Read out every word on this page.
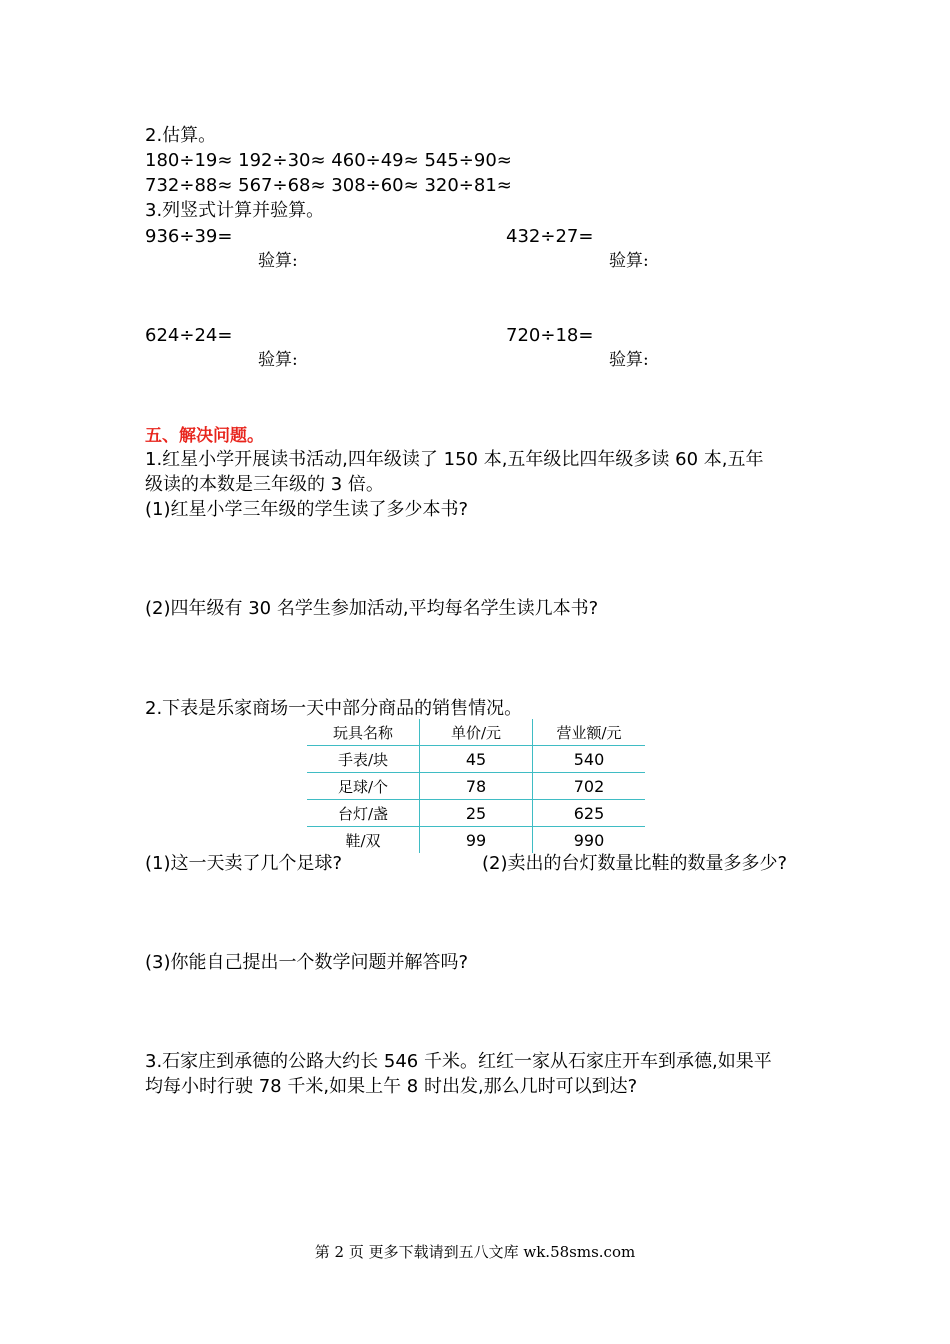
2.估算。
180÷19≈ 192÷30≈ 460÷49≈ 545÷90≈
732÷88≈ 567÷68≈ 308÷60≈ 320÷81≈
3.列竖式计算并验算。
936÷39=	432÷27=
验算:	验算:
624÷24=	720÷18=
验算:	验算:
五、解决问题。
1.红星小学开展读书活动,四年级读了 150 本,五年级比四年级多读 60 本,五年
级读的本数是三年级的 3 倍。
(1)红星小学三年级的学生读了多少本书?
(2)四年级有 30 名学生参加活动,平均每名学生读几本书?
2.下表是乐家商场一天中部分商品的销售情况。
玩具名称	单价/元	营业额/元
手表/块	45	540
足球/个	78	702
台灯/盏	25	625
鞋/双	99	990
(1)这一天卖了几个足球?	(2)卖出的台灯数量比鞋的数量多多少?
(3)你能自己提出一个数学问题并解答吗?
3.石家庄到承德的公路大约长 546 千米。红红一家从石家庄开车到承德,如果平
均每小时行驶 78 千米,如果上午 8 时出发,那么几时可以到达?
第 2 页 更多下载请到五八文库 wk.58sms.com
